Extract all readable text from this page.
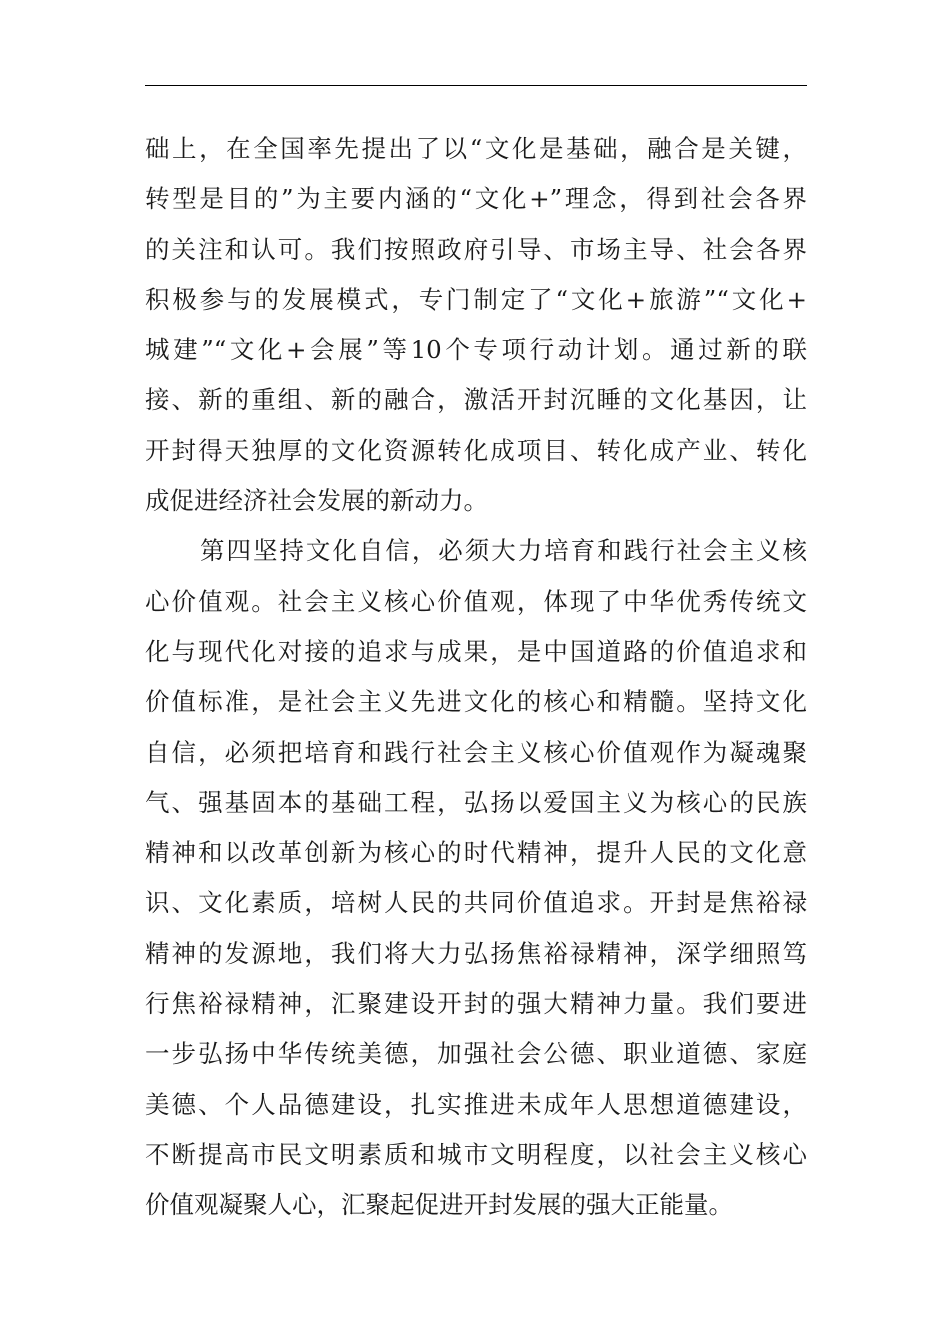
础上，在全国率先提出了以“文化是基础，融合是关键，
转型是目的”为主要内涵的“文化+”理念，得到社会各界
的关注和认可。我们按照政府引导、市场主导、社会各界
积极参与的发展模式，专门制定了“文化+旅游”“文化+
城建”“文化+会展”等10个专项行动计划。通过新的联
接、新的重组、新的融合，激活开封沉睡的文化基因，让
开封得天独厚的文化资源转化成项目、转化成产业、转化
成促进经济社会发展的新动力。
第四坚持文化自信，必须大力培育和践行社会主义核
心价值观。社会主义核心价值观，体现了中华优秀传统文
化与现代化对接的追求与成果，是中国道路的价值追求和
价值标准，是社会主义先进文化的核心和精髓。坚持文化
自信，必须把培育和践行社会主义核心价值观作为凝魂聚
气、强基固本的基础工程，弘扬以爱国主义为核心的民族
精神和以改革创新为核心的时代精神，提升人民的文化意
识、文化素质，培树人民的共同价值追求。开封是焦裕禄
精神的发源地，我们将大力弘扬焦裕禄精神，深学细照笃
行焦裕禄精神，汇聚建设开封的强大精神力量。我们要进
一步弘扬中华传统美德，加强社会公德、职业道德、家庭
美德、个人品德建设，扎实推进未成年人思想道德建设，
不断提高市民文明素质和城市文明程度，以社会主义核心
价值观凝聚人心，汇聚起促进开封发展的强大正能量。
